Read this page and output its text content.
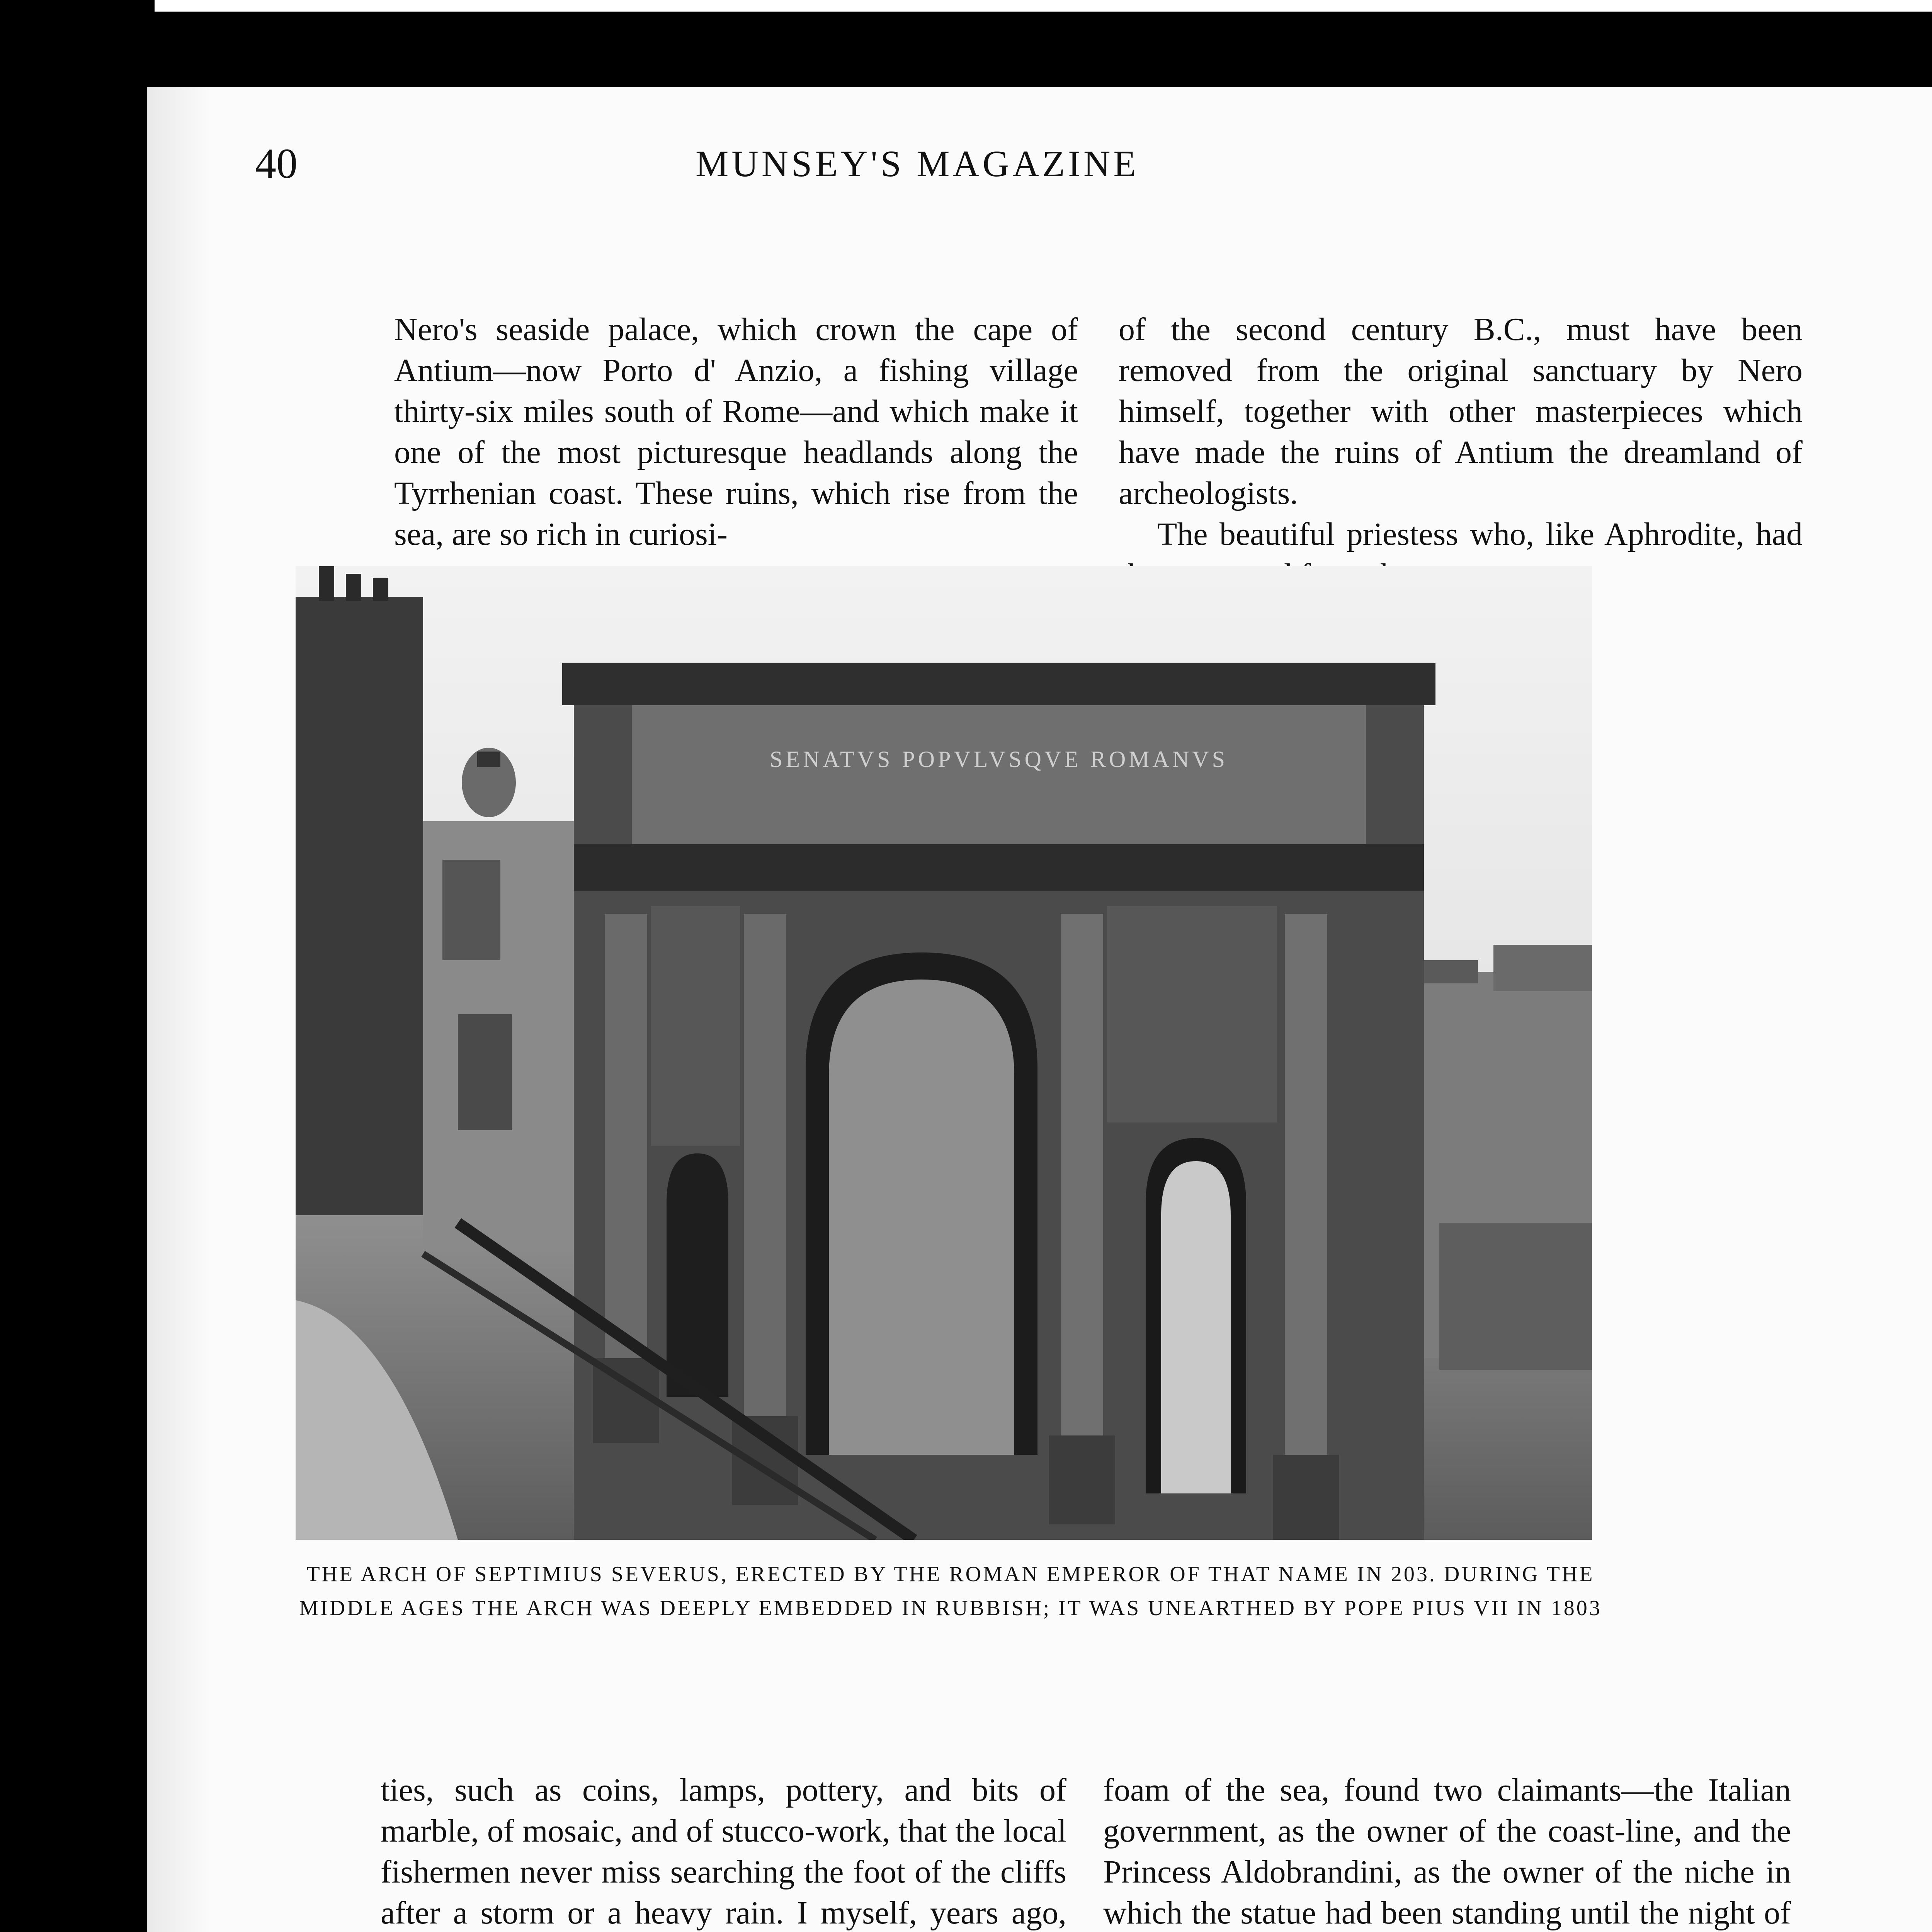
40	MUNSEY'S MAGAZINE

Nero's seaside palace, which crown the cape of Antium—now Porto d' Anzio, a fishing village thirty-six miles south of Rome—and which make it one of the most picturesque headlands along the Tyrrhenian coast. These ruins, which rise from the sea, are so rich in curiosi-

of the second century B.C., must have been removed from the original sanctuary by Nero himself, together with other masterpieces which have made the ruins of Antium the dreamland of archeologists.

The beautiful priestess who, like Aphrodite, had

SENATVS POPVLVSQVE ROMANVS
THE ARCH OF SEPTIMIUS SEVERUS, ERECTED BY THE ROMAN EMPEROR OF THAT NAME IN 203. DURING THE MIDDLE AGES THE ARCH WAS DEEPLY EMBEDDED IN RUBBISH; IT WAS UNEARTHED BY POPE PIUS VII IN 1803

ties, such as coins, lamps, pottery, and bits of marble, of mosaic, and of stucco-work, that the local fishermen never miss searching the foot of the cliffs after a storm or a heavy rain. I myself, years ago,

foam of the sea, found two claimants—the Italian government, as the owner of the coast-line, and the Princess Aldobrandini, as the owner of the niche in which the statue had been standing until the night of
